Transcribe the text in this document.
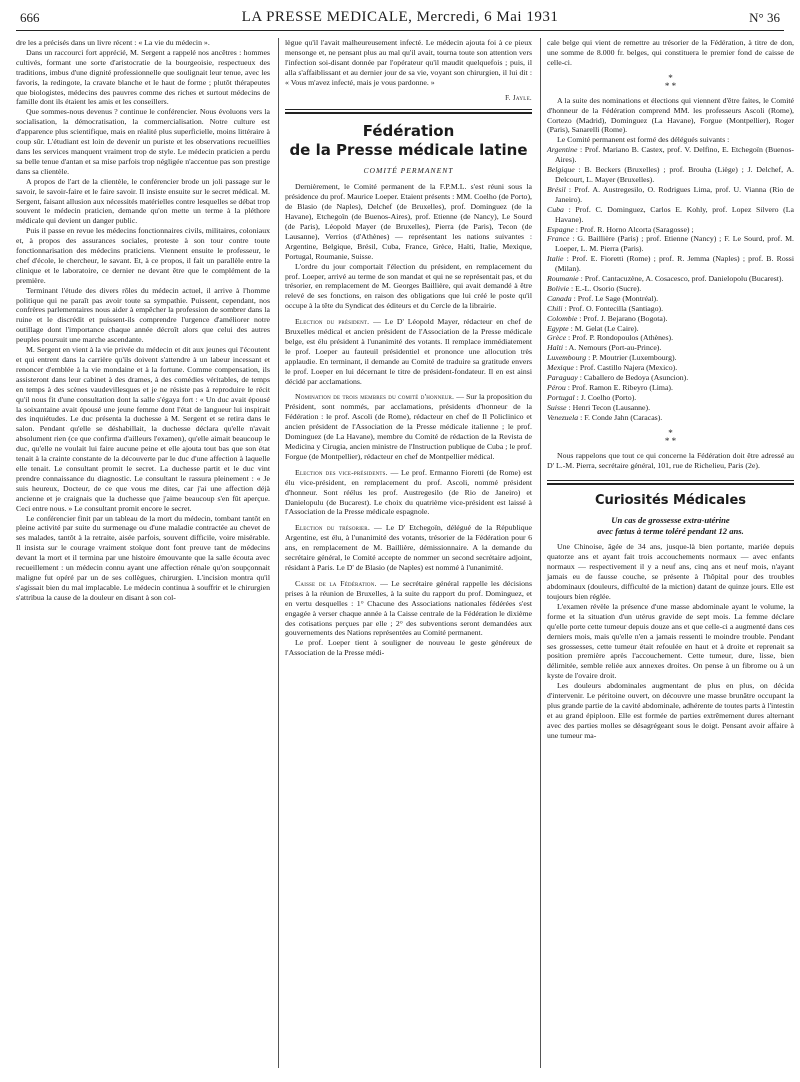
666	LA PRESSE MEDICALE, Mercredi, 6 Mai 1931	N° 36

dre les a précisés dans un livre récent : « La vie du médecin ».

Dans un raccourci fort apprécié, M. Sergent a rappelé nos ancêtres : hommes cultivés, formant une sorte d'aristocratie de la bourgeoisie, respectueux des traditions, imbus d'une dignité professionnelle que soulignait leur tenue, avec les favoris, la redingote, la cravate blanche et le haut de forme ; plutôt thérapeutes que biologistes, médecins des pauvres comme des riches et surtout médecins de famille dont ils étaient les amis et les conseillers.

Que sommes-nous devenus ? continue le conférencier. Nous évoluons vers la socialisation, la démocratisation, la commercialisation. Notre culture est d'apparence plus scientifique, mais en réalité plus superficielle, moins littéraire à coup sûr. L'étudiant est loin de devenir un puriste et les observations recueillies dans les services manquent vraiment trop de style. Le médecin praticien a perdu sa belle tenue d'antan et sa mise parfois trop négligée n'accentue pas son prestige dans sa clientèle.

A propos de l'art de la clientèle, le conférencier brode un joli passage sur le savoir, le savoir-faire et le faire savoir. Il insiste ensuite sur le secret médical. M. Sergent, faisant allusion aux nécessités matérielles contre lesquelles se débat trop souvent le médecin praticien, demande qu'on mette un terme à la pléthore médicale qui devient un danger public.

Puis il passe en revue les médecins fonctionnaires civils, militaires, coloniaux et, à propos des assurances sociales, proteste à son tour contre toute fonctionnarisation des médecins praticiens. Viennent ensuite le professeur, le chef d'école, le chercheur, le savant. Et, à ce propos, il fait un parallèle entre la clinique et le laboratoire, ce dernier ne devant être que le complément de la première.

Terminant l'étude des divers rôles du médecin actuel, il arrive à l'homme politique qui ne paraît pas avoir toute sa sympathie. Puissent, cependant, nos confrères parlementaires nous aider à empêcher la profession de sombrer dans la ruine et le discrédit et puissent-ils comprendre l'urgence d'améliorer notre outillage dont l'importance chaque année décroît alors que celui des autres peuples poursuit une marche ascendante.

M. Sergent en vient à la vie privée du médecin et dit aux jeunes qui l'écoutent et qui entrent dans la carrière qu'ils doivent s'attendre à un labeur incessant et renoncer d'emblée à la vie mondaine et à la fortune. Comme compensation, ils assisteront dans leur cabinet à des drames, à des comédies véritables, de temps en temps à des scènes vaudevillesques et je ne résiste pas à reproduire le récit qu'il nous fit d'une consultation dont la salle s'égaya fort : « Un duc avait épousé la soixantaine avait épousé une jeune femme dont l'état de langueur lui inspirait des inquiétudes. Le duc présenta la duchesse à M. Sergent et se retira dans le salon. Pendant qu'elle se déshabillait, la duchesse déclara qu'elle n'avait absolument rien (ce que confirma d'ailleurs l'examen), qu'elle aimait beaucoup le duc, qu'elle ne voulait lui faire aucune peine et elle ajouta tout bas que son état tenait à la crainte constante de la découverte par le duc d'une affection à laquelle elle tenait. Le consultant promit le secret. La duchesse partit et le duc vint prendre connaissance du diagnostic. Le consultant le rassura pleinement : « Je suis heureux, Docteur, de ce que vous me dites, car j'ai une affection déjà ancienne et je craignais que la duchesse que j'aime beaucoup s'en fût aperçue. Ceci entre nous. » Le consultant promit encore le secret.

Le conférencier finit par un tableau de la mort du médecin, tombant tantôt en pleine activité par suite du surmenage ou d'une maladie contractée au chevet de ses malades, tantôt à la retraite, aisée parfois, souvent difficile, voire misérable. Il insista sur le courage vraiment stoïque dont font preuve tant de médecins devant la mort et il termina par une histoire émouvante que la salle écouta avec recueillement : un médecin connu ayant une affection rénale qu'on soupçonnait maligne fut opéré par un de ses collègues, chirurgien. L'incision montra qu'il s'agissait bien du mal implacable. Le médecin continua à souffrir et le chirurgien s'attribua la cause de la douleur en disant à son col-

lègue qu'il l'avait malheureusement infecté. Le médecin ajouta foi à ce pieux mensonge et, ne pensant plus au mal qu'il avait, tourna toute son attention vers l'infection soi-disant donnée par l'opérateur qu'il maudit quelquefois ; puis, il alla s'affaiblissant et au dernier jour de sa vie, voyant son chirurgien, il lui dit : « Vous m'avez infecté, mais je vous pardonne. »

F. Jayle.
Fédération
de la Presse médicale latine
COMITÉ PERMANENT

Dernièrement, le Comité permanent de la F.P.M.L. s'est réuni sous la présidence du prof. Maurice Loeper. Etaient présents : MM. Coelho (de Porto), de Blasio (de Naples), Delchef (de Bruxelles), prof. Dominguez (de la Havane), Etchegoïn (de Buenos-Aires), prof. Etienne (de Nancy), Le Sourd (de Paris), Léopold Mayer (de Bruxelles), Pierra (de Paris), Tecon (de Lausanne), Verrios (d'Athènes) — représentant les nations suivantes : Argentine, Belgique, Brésil, Cuba, France, Grèce, Haïti, Italie, Mexique, Portugal, Roumanie, Suisse.

L'ordre du jour comportait l'élection du président, en remplacement du prof. Loeper, arrivé au terme de son mandat et qui ne se représentait pas, et du trésorier, en remplacement de M. Georges Baillière, qui avait demandé à être relevé de ses fonctions, en raison des obligations que lui créé le poste qu'il occupe à la tête du Syndicat des éditeurs et du Cercle de la librairie.

Election du président. — Le D' Léopold Mayer, rédacteur en chef de Bruxelles médical et ancien président de l'Association de la Presse médicale belge, est élu président à l'unanimité des votants. Il remplace immédiatement le prof. Loeper au fauteuil présidentiel et prononce une allocution très applaudie. En terminant, il demande au Comité de traduire sa gratitude envers le prof. Loeper en lui décernant le titre de président-fondateur. Il en est ainsi décidé par acclamations.

Nomination de trois membres du comité d'honneur. — Sur la proposition du Président, sont nommés, par acclamations, présidents d'honneur de la Fédération : le prof. Ascoli (de Rome), rédacteur en chef de Il Policlinico et ancien président de l'Association de la Presse médicale italienne ; le prof. Dominguez (de La Havane), membre du Comité de rédaction de la Revista de Medicina y Cirugia, ancien ministre de l'Instruction publique de Cuba ; le prof. Forgue (de Montpellier), rédacteur en chef de Montpellier médical.

Election des vice-présidents. — Le prof. Ermanno Fioretti (de Rome) est élu vice-président, en remplacement du prof. Ascoli, nommé président d'honneur. Sont réélus les prof. Austregesilo (de Rio de Janeiro) et Danielopulu (de Bucarest). Le choix du quatrième vice-président est laissé à l'Association de la Presse médicale espagnole.

Election du trésorier. — Le D' Etchegoïn, délégué de la République Argentine, est élu, à l'unanimité des votants, trésorier de la Fédération pour 6 ans, en remplacement de M. Baillière, démissionnaire. A la demande du secrétaire général, le Comité accepte de nommer un second secrétaire adjoint, résidant à Paris. Le D' de Blasio (de Naples) est nommé à l'unanimité.

Caisse de la Fédération. — Le secrétaire général rappelle les décisions prises à la réunion de Bruxelles, à la suite du rapport du prof. Dominguez, et en vertu desquelles : 1° Chacune des Associations nationales fédérées s'est engagée à verser chaque année à la Caisse centrale de la Fédération le dixième des cotisations perçues par elle ; 2° des subventions seront demandées aux gouvernements des Nations représentées au Comité permanent.

Le prof. Loeper tient à souligner de nouveau le geste généreux de l'Association de la Presse médi-

cale belge qui vient de remettre au trésorier de la Fédération, à titre de don, une somme de 8.000 fr. belges, qui constituera le premier fond de caisse de celle-ci.

*
* *

A la suite des nominations et élections qui viennent d'être faites, le Comité d'honneur de la Fédération comprend MM. les professeurs Ascoli (Rome), Cortezo (Madrid), Dominguez (La Havane), Forgue (Montpellier), Roger (Paris), Sanarelli (Rome).

Le Comité permanent est formé des délégués suivants :

Argentine : Prof. Mariano B. Castex, prof. V. Delfino, E. Etchegoïn (Buenos-Aires).

Belgique : B. Beckers (Bruxelles) ; prof. Brouha (Liège) ; J. Delchef, A. Delcourt, L. Mayer (Bruxelles).

Brésil : Prof. A. Austregesilo, O. Rodrigues Lima, prof. U. Vianna (Rio de Janeiro).

Cuba : Prof. C. Dominguez, Carlos E. Kohly, prof. Lopez Silvero (La Havane).

Espagne : Prof. R. Horno Alcorta (Saragosse) ;

France : G. Baillière (Paris) ; prof. Etienne (Nancy) ; F. Le Sourd, prof. M. Loeper, L. M. Pierra (Paris).

Italie : Prof. E. Fioretti (Rome) ; prof. R. Jemma (Naples) ; prof. B. Rossi (Milan).

Roumanie : Prof. Cantacuzène, A. Cosacesco, prof. Danielopolu (Bucarest).

Bolivie : E.-L. Osorio (Sucre).

Canada : Prof. Le Sage (Montréal).

Chili : Prof. O. Fontecilla (Santiago).

Colombie : Prof. J. Bejarano (Bogota).

Egypte : M. Gelat (Le Caire).

Grèce : Prof. P. Rondopoulos (Athènes).

Haïti : A. Nemours (Port-au-Prince).

Luxembourg : P. Moutrier (Luxembourg).

Mexique : Prof. Castillo Najera (Mexico).

Paraguay : Caballero de Bedoya (Asuncion).

Pérou : Prof. Ramon E. Ribeyro (Lima).

Portugal : J. Coelho (Porto).

Suisse : Henri Tecon (Lausanne).

Venezuela : F. Conde Jahn (Caracas).

*
* *

Nous rappelons que tout ce qui concerne la Fédération doit être adressé au D' L.-M. Pierra, secrétaire général, 101, rue de Richelieu, Paris (2e).

Curiosités Médicales
Un cas de grossesse extra-utérine
avec fœtus à terme toléré pendant 12 ans.

Une Chinoise, âgée de 34 ans, jusque-là bien portante, mariée depuis quatorze ans et ayant fait trois accouchements normaux — avec enfants normaux — respectivement il y a neuf ans, cinq ans et neuf mois, n'ayant jamais eu de fausse couche, se présente à l'hôpital pour des troubles abdominaux (douleurs, difficulté de la miction) datant de quinze jours. Elle est toujours bien réglée.

L'examen révèle la présence d'une masse abdominale ayant le volume, la forme et la situation d'un utérus gravide de sept mois. La femme déclare qu'elle porte cette tumeur depuis douze ans et que celle-ci a augmenté dans ces derniers mois, mais qu'elle n'en a jamais ressenti le moindre trouble. Pendant ses grossesses, cette tumeur était refoulée en haut et à droite et reprenait sa position première après l'accouchement. Cette tumeur, dure, lisse, bien délimitée, semble reliée aux annexes droites. On pense à un fibrome ou à un kyste de l'ovaire droit.

Les douleurs abdominales augmentant de plus en plus, on décida d'intervenir. Le péritoine ouvert, on découvre une masse brunâtre occupant la plus grande partie de la cavité abdominale, adhérente de toutes parts à l'intestin et au grand épiploon. Elle est formée de parties extrêmement dures alternant avec des parties molles se désagrégeant sous le doigt. Pensant avoir affaire à une tumeur ma-
